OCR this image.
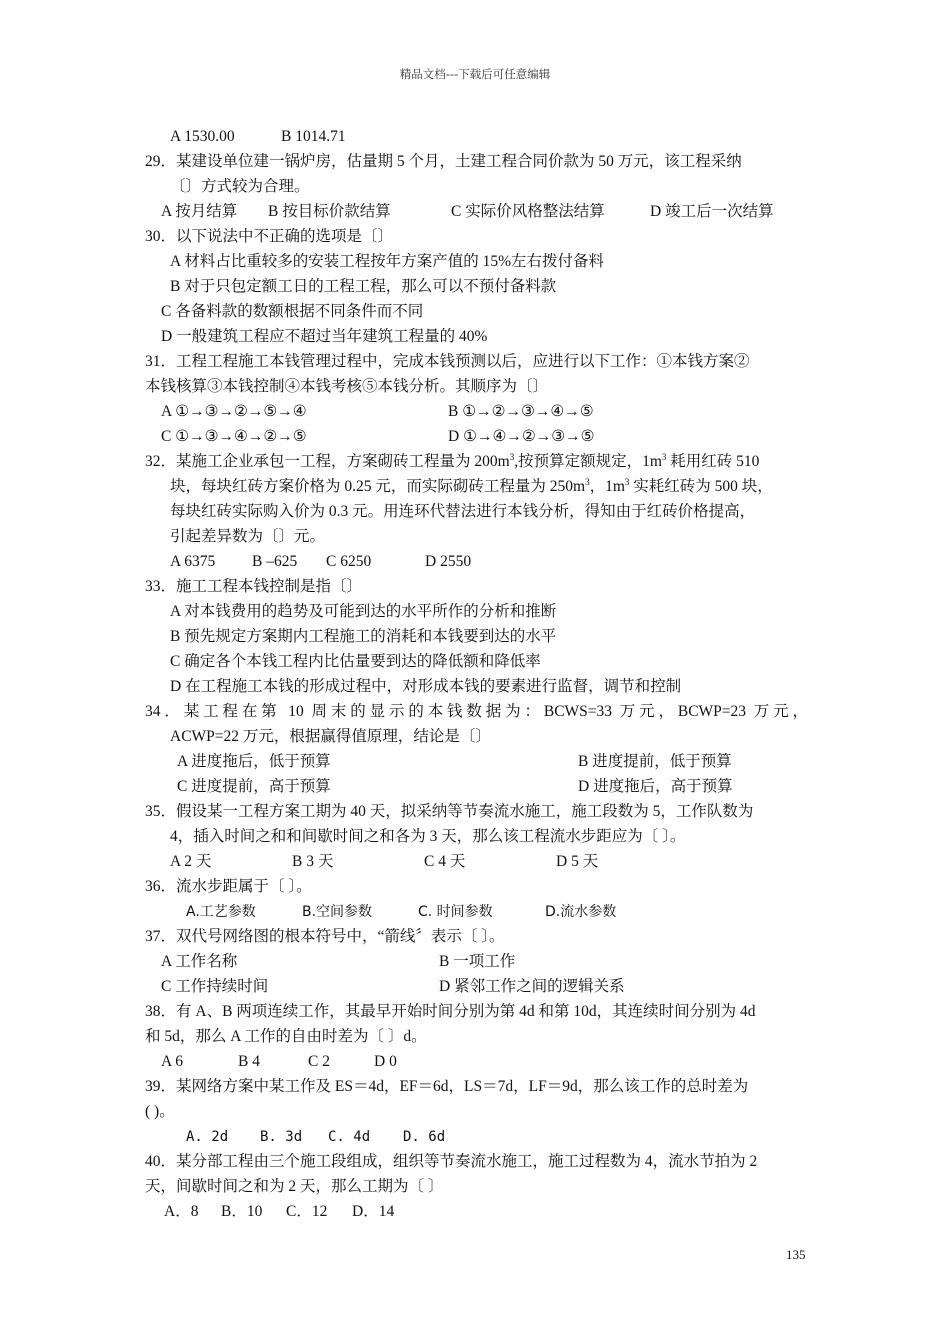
精品文档---下载后可任意编辑
A 1530.00	B 1014.71
29．某建设单位建一锅炉房，估量期 5 个月，土建工程合同价款为 50 万元，该工程采纳
〔〕方式较为合理。
A 按月结算 B 按目标价款结算	C 实际价风格整法结算	D 竣工后一次结算
30．以下说法中不正确的选项是〔〕
A 材料占比重较多的安装工程按年方案产值的 15%左右拨付备料
B 对于只包定额工日的工程工程，那么可以不预付备料款
C 各备料款的数额根据不同条件而不同
D 一般建筑工程应不超过当年建筑工程量的 40%
31．工程工程施工本钱管理过程中，完成本钱预测以后，应进行以下工作：①本钱方案②
本钱核算③本钱控制④本钱考核⑤本钱分析。其顺序为〔〕
A ①→③→②→⑤→④	B ①→②→③→④→⑤
C ①→③→④→②→⑤	D ①→④→②→③→⑤
32．某施工企业承包一工程，方案砌砖工程量为 $200m^3$,按预算定额规定，$1m^3$ 耗用红砖 510
块，每块红砖方案价格为 0.25 元，而实际砌砖工程量为 $250m^3$，$1m^3$ 实耗红砖为 500 块，
每块红砖实际购入价为 0.3 元。用连环代替法进行本钱分析，得知由于红砖价格提高，
引起差异数为〔〕元。
A 6375 B –625 C 6250	D 2550
33．施工工程本钱控制是指〔〕
A 对本钱费用的趋势及可能到达的水平所作的分析和推断
B 预先规定方案期内工程施工的消耗和本钱要到达的水平
C 确定各个本钱工程内比估量要到达的降低额和降低率
D 在工程施工本钱的形成过程中，对形成本钱的要素进行监督，调节和控制
34．某工程在第 10 周末的显示的本钱数据为：BCWS=33 万元，BCWP=23 万元，
ACWP=22 万元，根据赢得值原理，结论是〔〕
A 进度拖后，低于预算	B 进度提前，低于预算
C 进度提前，高于预算	D 进度拖后，高于预算
35．假设某一工程方案工期为 40 天，拟采纳等节奏流水施工，施工段数为 5，工作队数为
4，插入时间之和和间歇时间之和各为 3 天，那么该工程流水步距应为〔 〕。
A 2 天	B 3 天	C 4 天	D 5 天
36．流水步距属于〔 〕。
A.工艺参数	B.空间参数	C. 时间参数	D.流水参数
37．双代号网络图的根本符号中，“箭线〞表示〔 〕。
A 工作名称	B 一项工作
C 工作持续时间	D 紧邻工作之间的逻辑关系
38．有 A、B 两项连续工作，其最早开始时间分别为第 4d 和第 10d，其连续时间分别为 4d
和 5d，那么 A 工作的自由时差为〔 〕d。
A 6	B 4	C 2	D 0
39．某网络方案中某工作及 ES＝4d，EF＝6d，LS＝7d，LF＝9d，那么该工作的总时差为
( )。
A. 2d B. 3d C. 4d D. 6d
40．某分部工程由三个施工段组成，组织等节奏流水施工，施工过程数为 4，流水节拍为 2
天，间歇时间之和为 2 天，那么工期为〔 〕
A．8 B．10 C．12 D．14
135
